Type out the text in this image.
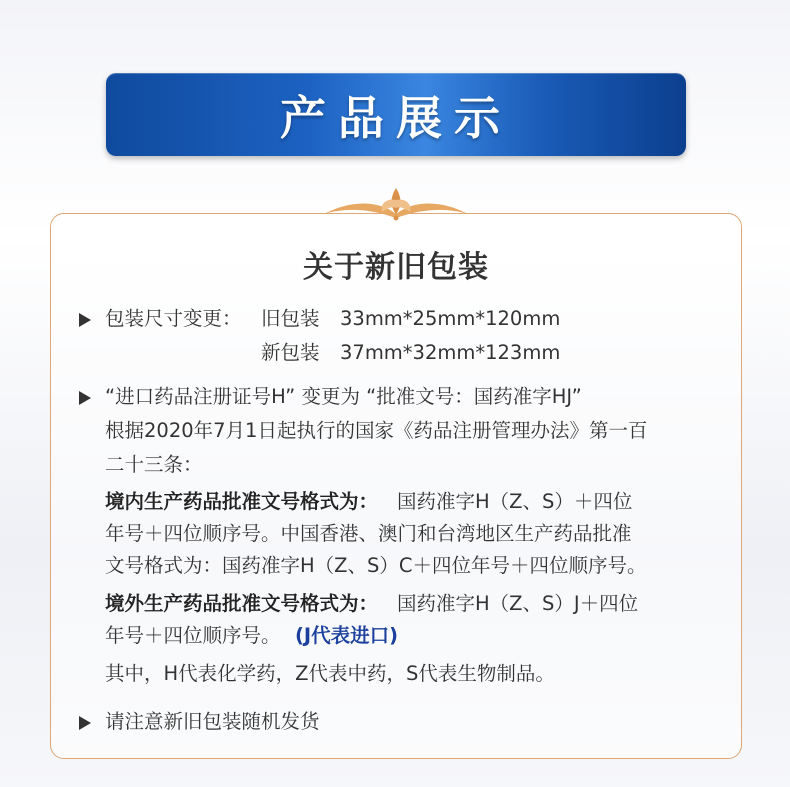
产品展示
关于新旧包装
包装尺寸变更： 旧包装 33mm*25mm*120mm
新包装 37mm*32mm*123mm
“进口药品注册证号H” 变更为 “批准文号：国药准字HJ”
根据2020年7月1日起执行的国家《药品注册管理办法》第一百
二十三条：
境内生产药品批准文号格式为： 国药准字H（Z、S）＋四位
年号＋四位顺序号。中国香港、澳门和台湾地区生产药品批准
文号格式为：国药准字H（Z、S）C＋四位年号＋四位顺序号。
境外生产药品批准文号格式为： 国药准字H（Z、S）J＋四位
年号＋四位顺序号。 (J代表进口)
其中，H代表化学药，Z代表中药，S代表生物制品。
请注意新旧包装随机发货
